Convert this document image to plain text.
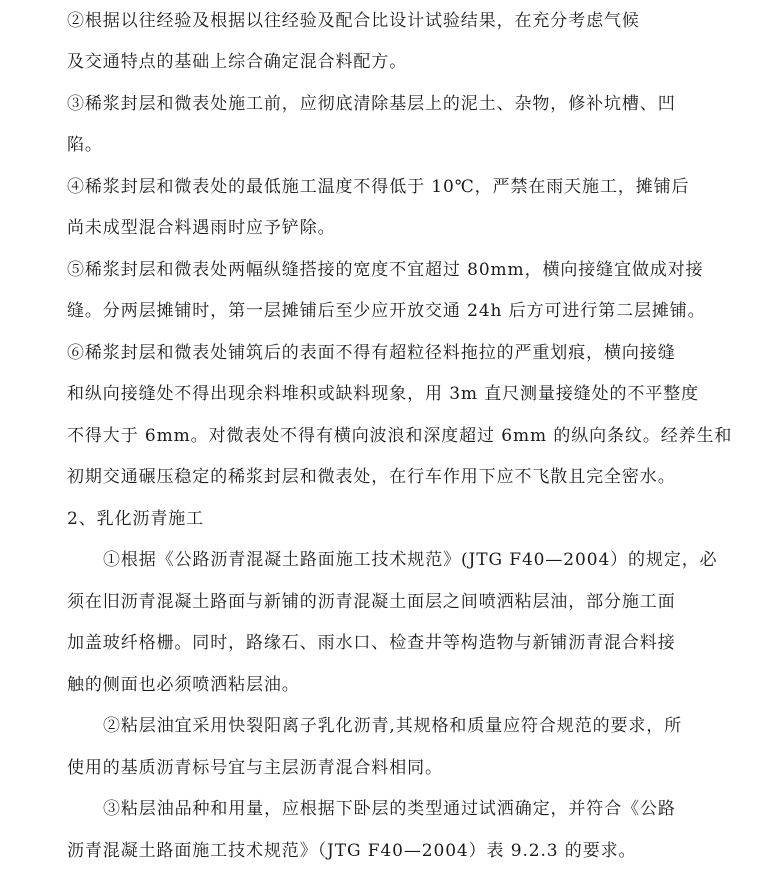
②根据以往经验及根据以往经验及配合比设计试验结果，在充分考虑气候
及交通特点的基础上综合确定混合料配方。
③稀浆封层和微表处施工前，应彻底清除基层上的泥土、杂物，修补坑槽、凹
陷。
④稀浆封层和微表处的最低施工温度不得低于 10℃，严禁在雨天施工，摊铺后
尚未成型混合料遇雨时应予铲除。
⑤稀浆封层和微表处两幅纵缝搭接的宽度不宜超过 80mm，横向接缝宜做成对接
缝。分两层摊铺时，第一层摊铺后至少应开放交通 24h 后方可进行第二层摊铺。
⑥稀浆封层和微表处铺筑后的表面不得有超粒径料拖拉的严重划痕，横向接缝
和纵向接缝处不得出现余料堆积或缺料现象，用 3m 直尺测量接缝处的不平整度
不得大于 6mm。对微表处不得有横向波浪和深度超过 6mm 的纵向条纹。经养生和
初期交通碾压稳定的稀浆封层和微表处，在行车作用下应不飞散且完全密水。
2、乳化沥青施工
①根据《公路沥青混凝土路面施工技术规范》(JTG F40—2004）的规定，必
须在旧沥青混凝土路面与新铺的沥青混凝土面层之间喷洒粘层油，部分施工面
加盖玻纤格栅。同时，路缘石、雨水口、检查井等构造物与新铺沥青混合料接
触的侧面也必须喷洒粘层油。
②粘层油宜采用快裂阳离子乳化沥青,其规格和质量应符合规范的要求，所
使用的基质沥青标号宜与主层沥青混合料相同。
③粘层油品种和用量，应根据下卧层的类型通过试洒确定，并符合《公路
沥青混凝土路面施工技术规范》（JTG F40—2004）表 9.2.3 的要求。
